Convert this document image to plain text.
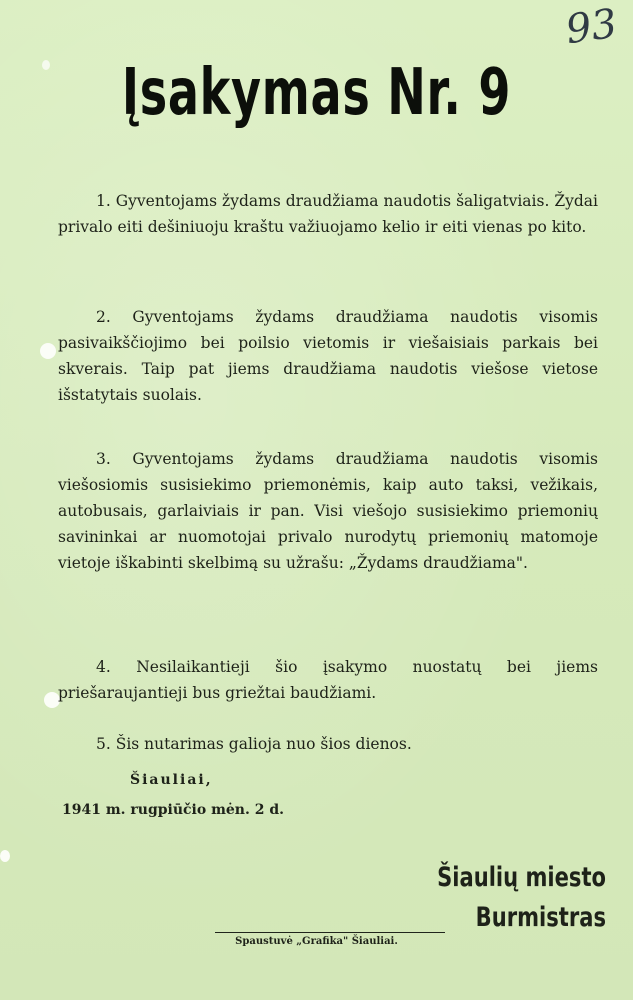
93
Įsakymas Nr. 9

1. Gyventojams žydams draudžiama naudotis šaligatviais. Žydai privalo eiti dešiniuoju kraštu važiuojamo kelio ir eiti vienas po kito.

2. Gyventojams žydams draudžiama naudotis visomis pasivaikščiojimo bei poilsio vietomis ir viešaisiais parkais bei skverais. Taip pat jiems draudžiama naudotis viešose vietose išstatytais suolais.

3. Gyventojams žydams draudžiama naudotis visomis viešosiomis susisiekimo priemonėmis, kaip auto taksi, vežikais, autobusais, garlaiviais ir pan. Visi viešojo susisiekimo priemonių savininkai ar nuomotojai privalo nurodytų priemonių matomoje vietoje iškabinti skelbimą su užrašu: „Žydams draudžiama".

4. Nesilaikantieji šio įsakymo nuostatų bei jiems priešaraujantieji bus griežtai baudžiami.

5. Šis nutarimas galioja nuo šios dienos.

Šiauliai,

1941 m. rugpiūčio mėn. 2 d.

Šiaulių miesto Burmistras

Spaustuvė „Grafika" Šiauliai.
